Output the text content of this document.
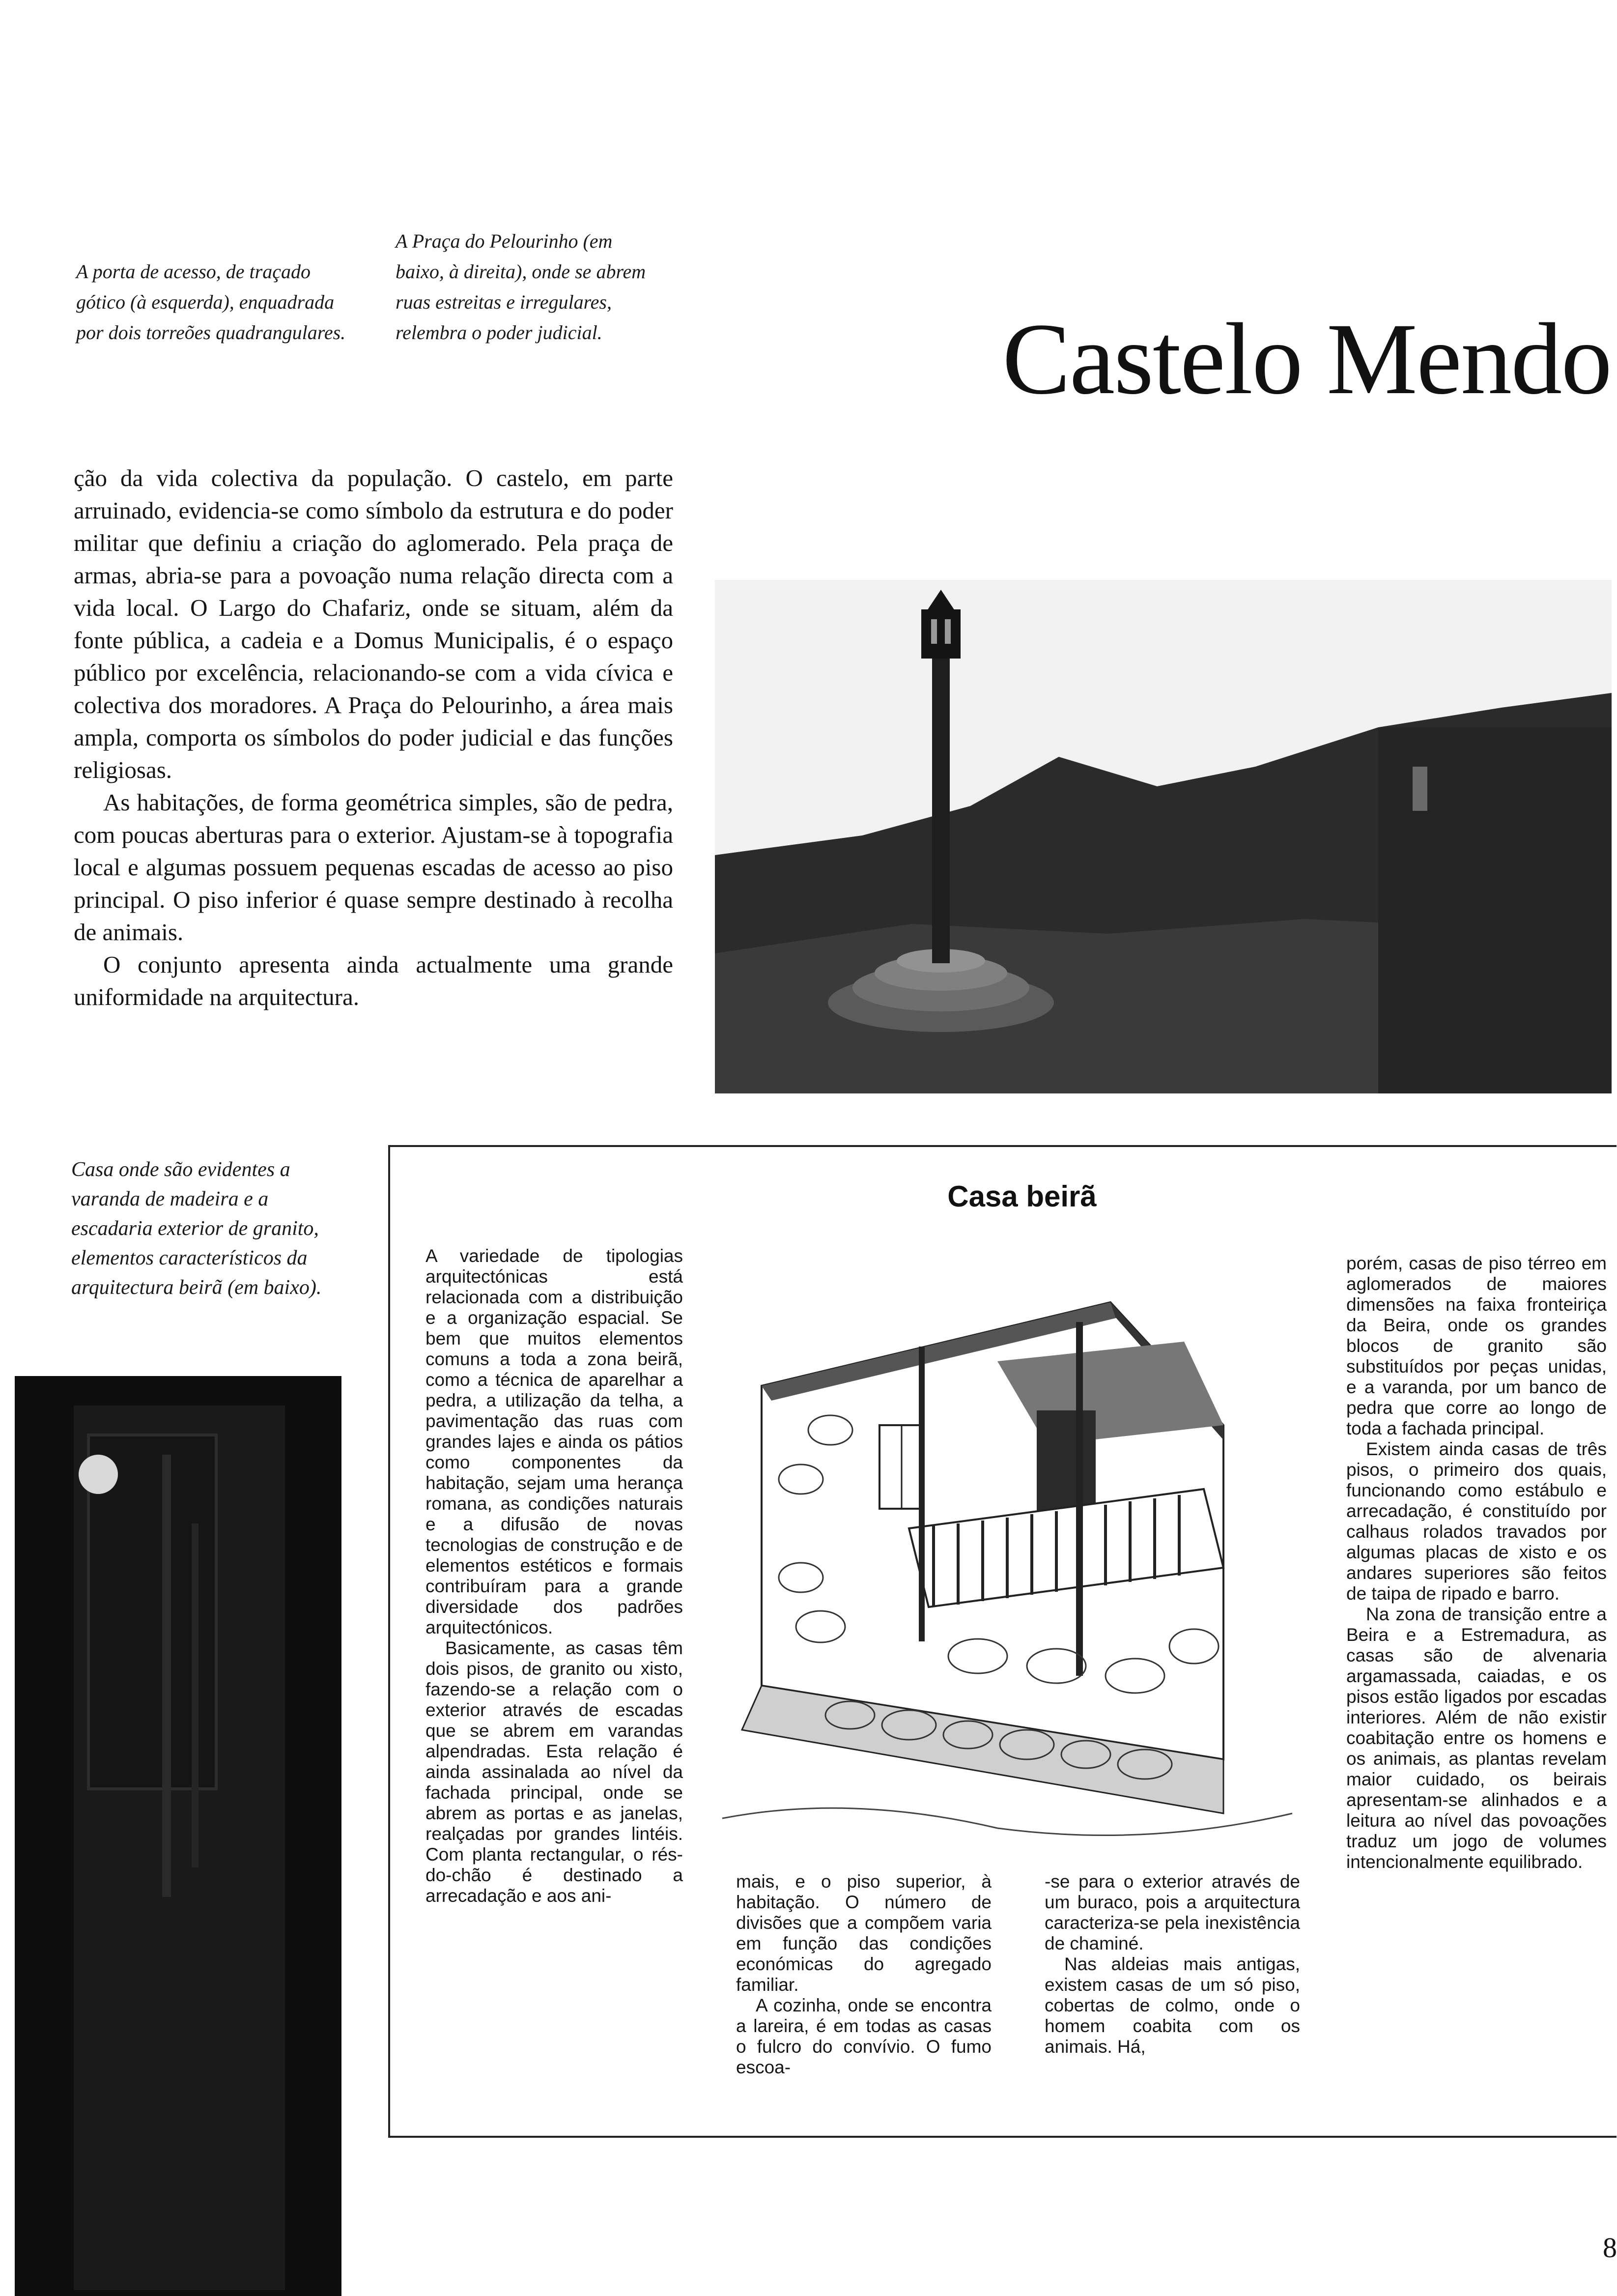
A porta de acesso, de traçado gótico (à esquerda), enquadrada por dois torreões quadrangulares.
A Praça do Pelourinho (em baixo, à direita), onde se abrem ruas estreitas e irregulares, relembra o poder judicial.	Castelo Mendo

ção da vida colectiva da população. O castelo, em parte arruinado, evidencia-se como símbolo da estrutura e do poder militar que definiu a criação do aglomerado. Pela praça de armas, abria-se para a povoação numa relação directa com a vida local. O Largo do Chafariz, onde se situam, além da fonte pública, a cadeia e a Domus Municipalis, é o espaço público por excelência, relacionando-se com a vida cívica e colectiva dos moradores. A Praça do Pelourinho, a área mais ampla, comporta os símbolos do poder judicial e das funções religiosas.

As habitações, de forma geométrica simples, são de pedra, com poucas aberturas para o exterior. Ajustam-se à topografia local e algumas possuem pequenas escadas de acesso ao piso principal. O piso inferior é quase sempre destinado à recolha de animais.

O conjunto apresenta ainda actualmente uma grande uniformidade na arquitectura.

Casa onde são evidentes a varanda de madeira e a escadaria exterior de granito, elementos característicos da arquitectura beirã (em baixo).
Casa beirã

A variedade de tipologias arquitectónicas está relacionada com a distribuição e a organização espacial. Se bem que muitos elementos comuns a toda a zona beirã, como a técnica de aparelhar a pedra, a utilização da telha, a pavimentação das ruas com grandes lajes e ainda os pátios como componentes da habitação, sejam uma herança romana, as condições naturais e a difusão de novas tecnologias de construção e de elementos estéticos e formais contribuíram para a grande diversidade dos padrões arquitectónicos.

Basicamente, as casas têm dois pisos, de granito ou xisto, fazendo-se a relação com o exterior através de escadas que se abrem em varandas alpendradas. Esta relação é ainda assinalada ao nível da fachada principal, onde se abrem as portas e as janelas, realçadas por grandes lintéis. Com planta rectangular, o rés-do-chão é destinado a arrecadação e aos ani-

mais, e o piso superior, à habitação. O número de divisões que a compõem varia em função das condições económicas do agregado familiar.

A cozinha, onde se encontra a lareira, é em todas as casas o fulcro do convívio. O fumo escoa-

-se para o exterior através de um buraco, pois a arquitectura caracteriza-se pela inexistência de chaminé.

Nas aldeias mais antigas, existem casas de um só piso, cobertas de colmo, onde o homem coabita com os animais. Há,

porém, casas de piso térreo em aglomerados de maiores dimensões na faixa fronteiriça da Beira, onde os grandes blocos de granito são substituídos por peças unidas, e a varanda, por um banco de pedra que corre ao longo de toda a fachada principal.

Existem ainda casas de três pisos, o primeiro dos quais, funcionando como estábulo e arrecadação, é constituído por calhaus rolados travados por algumas placas de xisto e os andares superiores são feitos de taipa de ripado e barro.

Na zona de transição entre a Beira e a Estremadura, as casas são de alvenaria argamassada, caiadas, e os pisos estão ligados por escadas interiores. Além de não existir coabitação entre os homens e os animais, as plantas revelam maior cuidado, os beirais apresentam-se alinhados e a leitura ao nível das povoações traduz um jogo de volumes intencionalmente equilibrado.

8
